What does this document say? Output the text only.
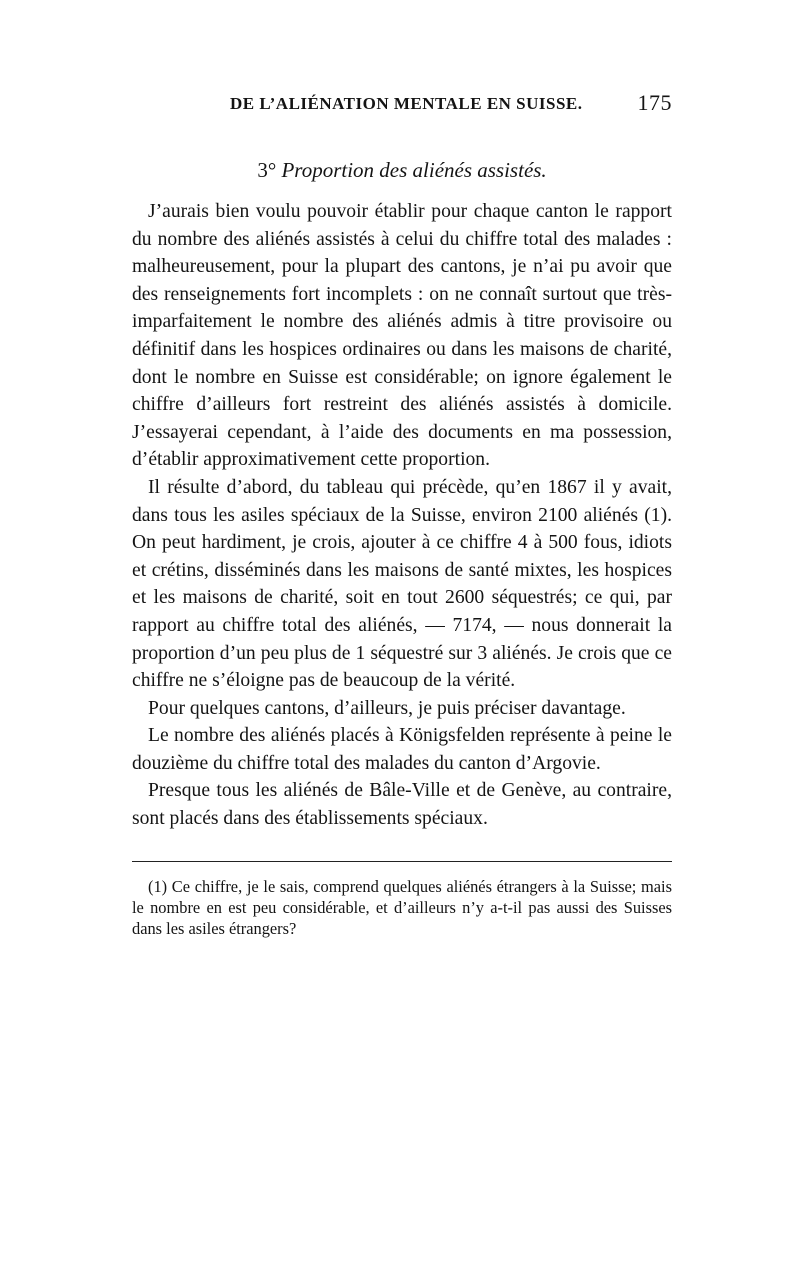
DE L’ALIÉNATION MENTALE EN SUISSE. 175
3° Proportion des aliénés assistés.

J’aurais bien voulu pouvoir établir pour chaque canton le rapport du nombre des aliénés assistés à celui du chiffre total des malades : malheureusement, pour la plupart des cantons, je n’ai pu avoir que des renseignements fort incomplets : on ne connaît surtout que très-imparfaitement le nombre des aliénés admis à titre provisoire ou définitif dans les hospices ordinaires ou dans les maisons de charité, dont le nombre en Suisse est considérable; on ignore également le chiffre d’ailleurs fort restreint des aliénés assistés à domicile. J’essayerai cependant, à l’aide des documents en ma possession, d’établir approximativement cette proportion.

Il résulte d’abord, du tableau qui précède, qu’en 1867 il y avait, dans tous les asiles spéciaux de la Suisse, environ 2100 aliénés (1). On peut hardiment, je crois, ajouter à ce chiffre 4 à 500 fous, idiots et crétins, disséminés dans les maisons de santé mixtes, les hospices et les maisons de charité, soit en tout 2600 séquestrés; ce qui, par rapport au chiffre total des aliénés, — 7174, — nous donnerait la proportion d’un peu plus de 1 séquestré sur 3 aliénés. Je crois que ce chiffre ne s’éloigne pas de beaucoup de la vérité.

Pour quelques cantons, d’ailleurs, je puis préciser davantage.

Le nombre des aliénés placés à Königsfelden représente à peine le douzième du chiffre total des malades du canton d’Argovie.

Presque tous les aliénés de Bâle-Ville et de Genève, au contraire, sont placés dans des établissements spéciaux.

(1) Ce chiffre, je le sais, comprend quelques aliénés étrangers à la Suisse; mais le nombre en est peu considérable, et d’ailleurs n’y a-t-il pas aussi des Suisses dans les asiles étrangers?
